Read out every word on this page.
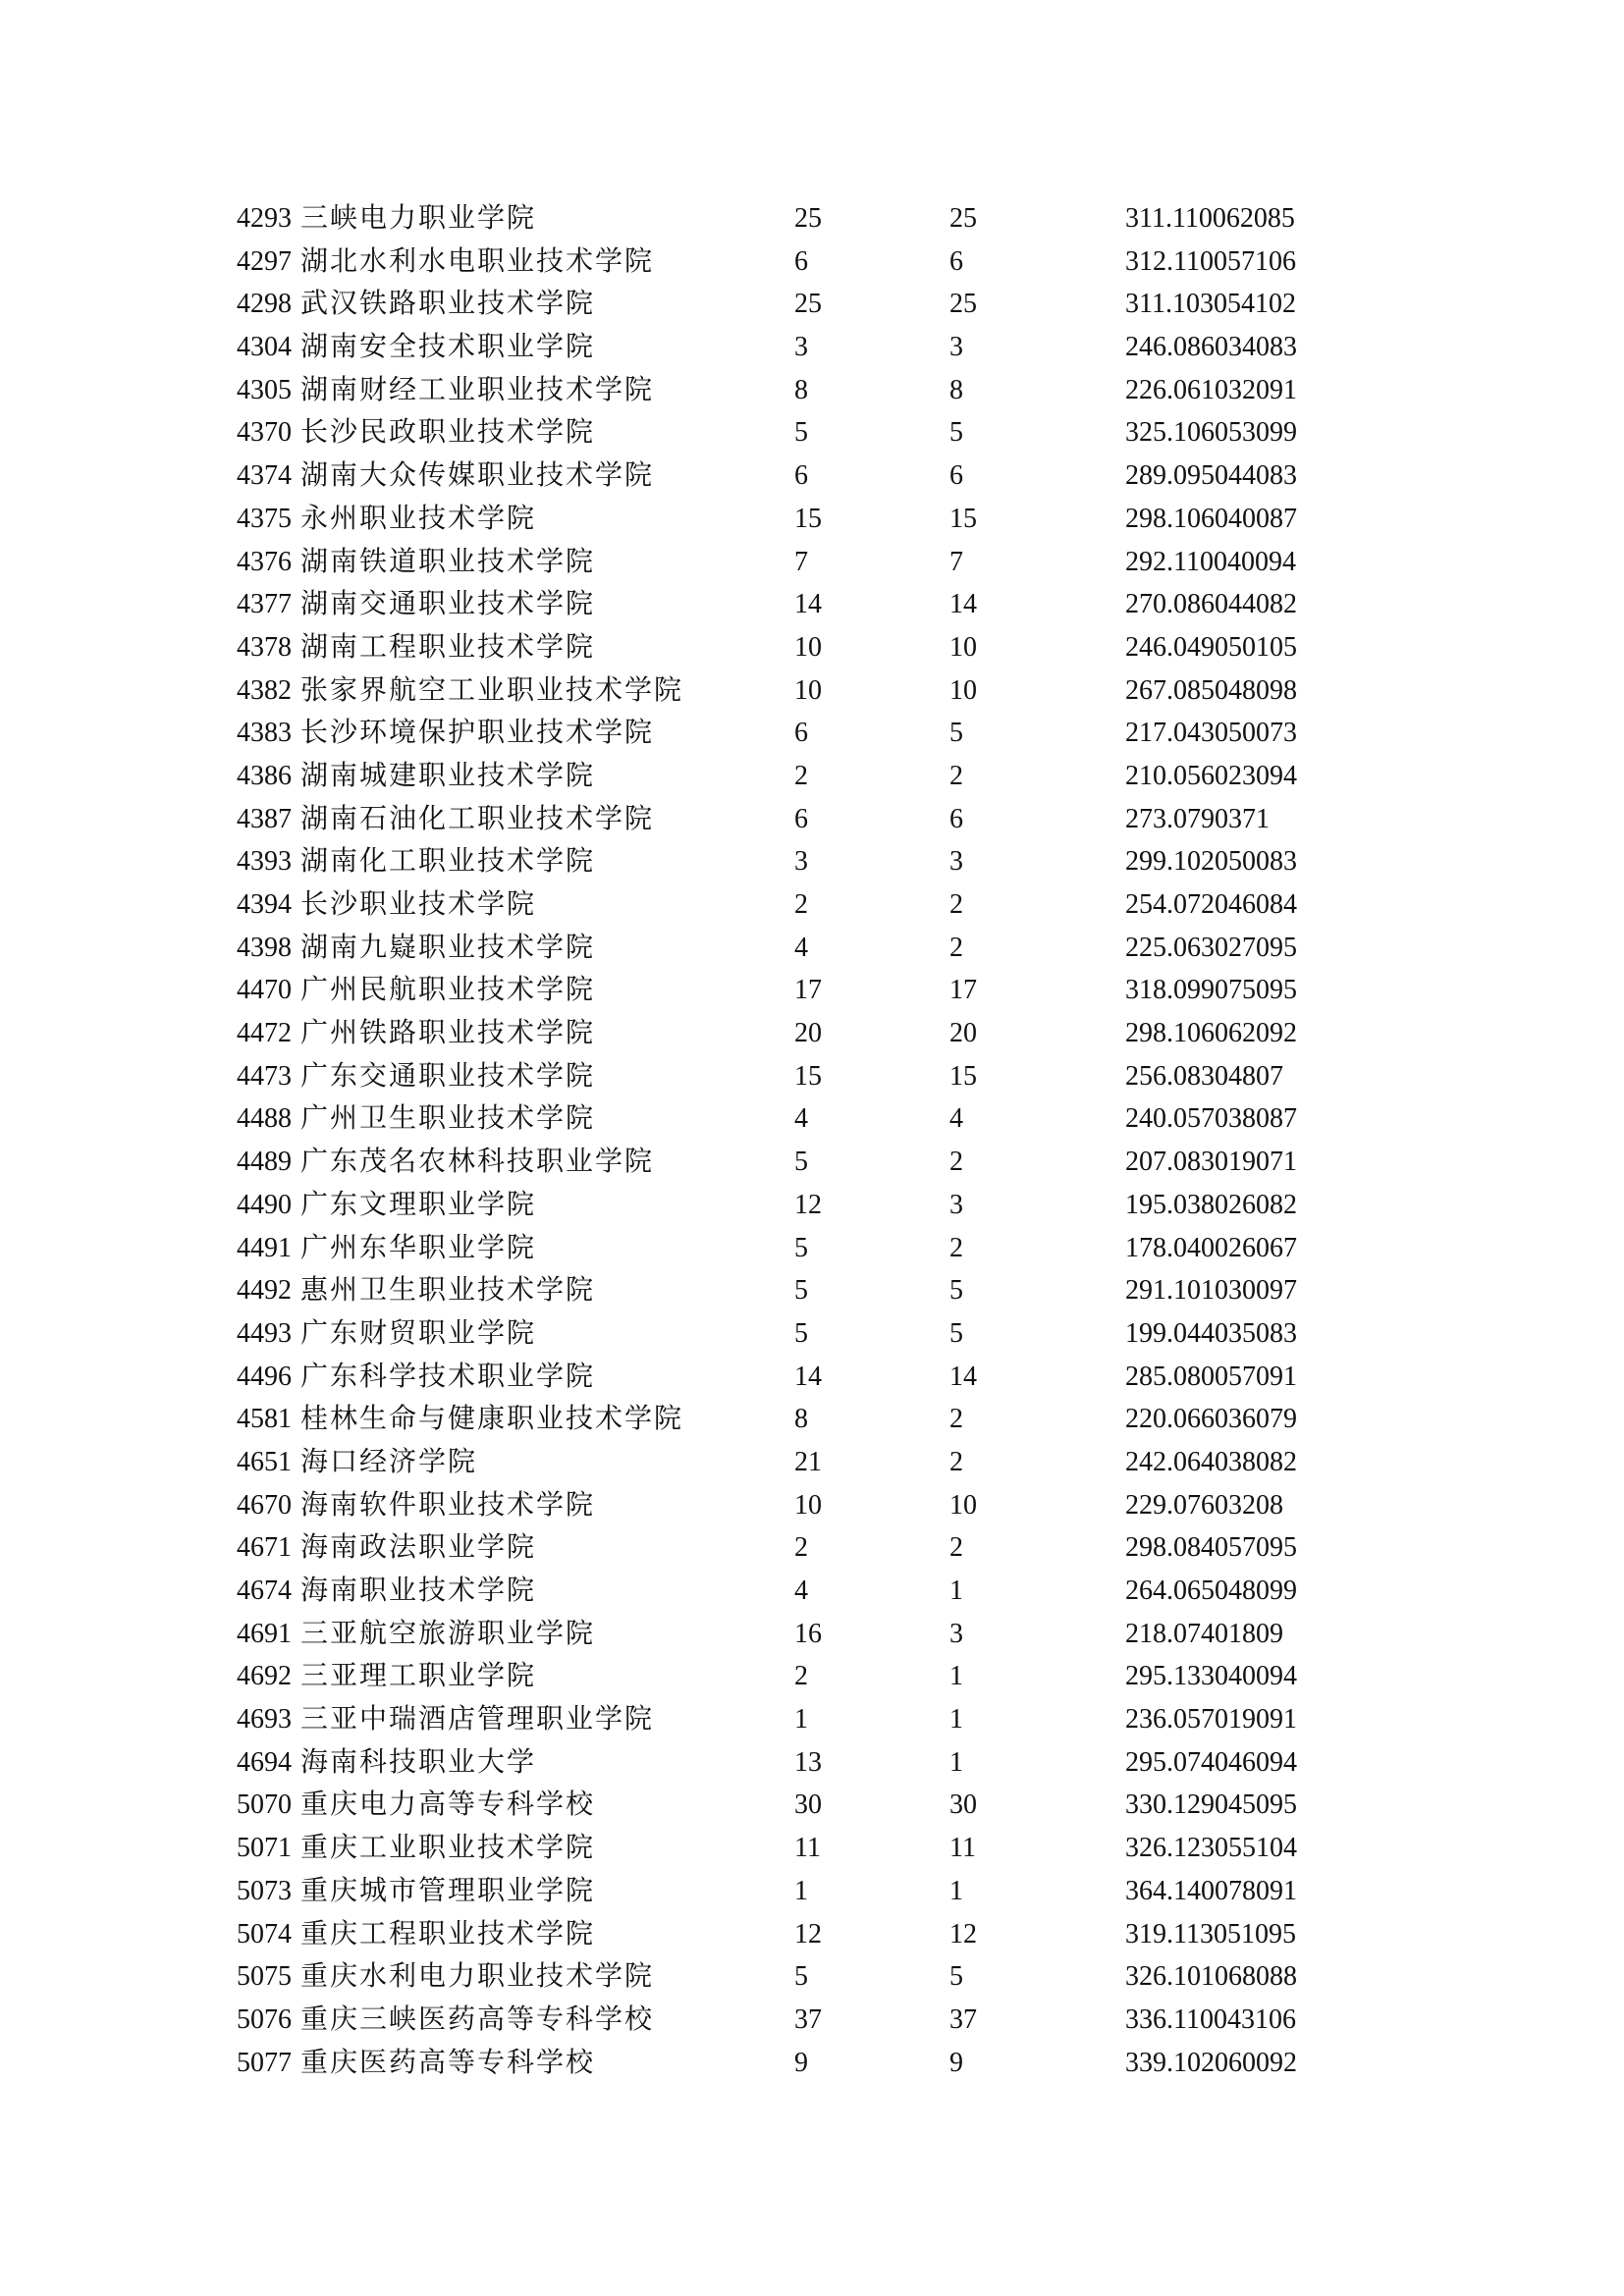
4293 三峡电力职业学院	25	25	311.110062085
4297 湖北水利水电职业技术学院	6	6	312.110057106
4298 武汉铁路职业技术学院	25	25	311.103054102
4304 湖南安全技术职业学院	3	3	246.086034083
4305 湖南财经工业职业技术学院	8	8	226.061032091
4370 长沙民政职业技术学院	5	5	325.106053099
4374 湖南大众传媒职业技术学院	6	6	289.095044083
4375 永州职业技术学院	15	15	298.106040087
4376 湖南铁道职业技术学院	7	7	292.110040094
4377 湖南交通职业技术学院	14	14	270.086044082
4378 湖南工程职业技术学院	10	10	246.049050105
4382 张家界航空工业职业技术学院	10	10	267.085048098
4383 长沙环境保护职业技术学院	6	5	217.043050073
4386 湖南城建职业技术学院	2	2	210.056023094
4387 湖南石油化工职业技术学院	6	6	273.0790371
4393 湖南化工职业技术学院	3	3	299.102050083
4394 长沙职业技术学院	2	2	254.072046084
4398 湖南九嶷职业技术学院	4	2	225.063027095
4470 广州民航职业技术学院	17	17	318.099075095
4472 广州铁路职业技术学院	20	20	298.106062092
4473 广东交通职业技术学院	15	15	256.08304807
4488 广州卫生职业技术学院	4	4	240.057038087
4489 广东茂名农林科技职业学院	5	2	207.083019071
4490 广东文理职业学院	12	3	195.038026082
4491 广州东华职业学院	5	2	178.040026067
4492 惠州卫生职业技术学院	5	5	291.101030097
4493 广东财贸职业学院	5	5	199.044035083
4496 广东科学技术职业学院	14	14	285.080057091
4581 桂林生命与健康职业技术学院	8	2	220.066036079
4651 海口经济学院	21	2	242.064038082
4670 海南软件职业技术学院	10	10	229.07603208
4671 海南政法职业学院	2	2	298.084057095
4674 海南职业技术学院	4	1	264.065048099
4691 三亚航空旅游职业学院	16	3	218.07401809
4692 三亚理工职业学院	2	1	295.133040094
4693 三亚中瑞酒店管理职业学院	1	1	236.057019091
4694 海南科技职业大学	13	1	295.074046094
5070 重庆电力高等专科学校	30	30	330.129045095
5071 重庆工业职业技术学院	11	11	326.123055104
5073 重庆城市管理职业学院	1	1	364.140078091
5074 重庆工程职业技术学院	12	12	319.113051095
5075 重庆水利电力职业技术学院	5	5	326.101068088
5076 重庆三峡医药高等专科学校	37	37	336.110043106
5077 重庆医药高等专科学校	9	9	339.102060092
